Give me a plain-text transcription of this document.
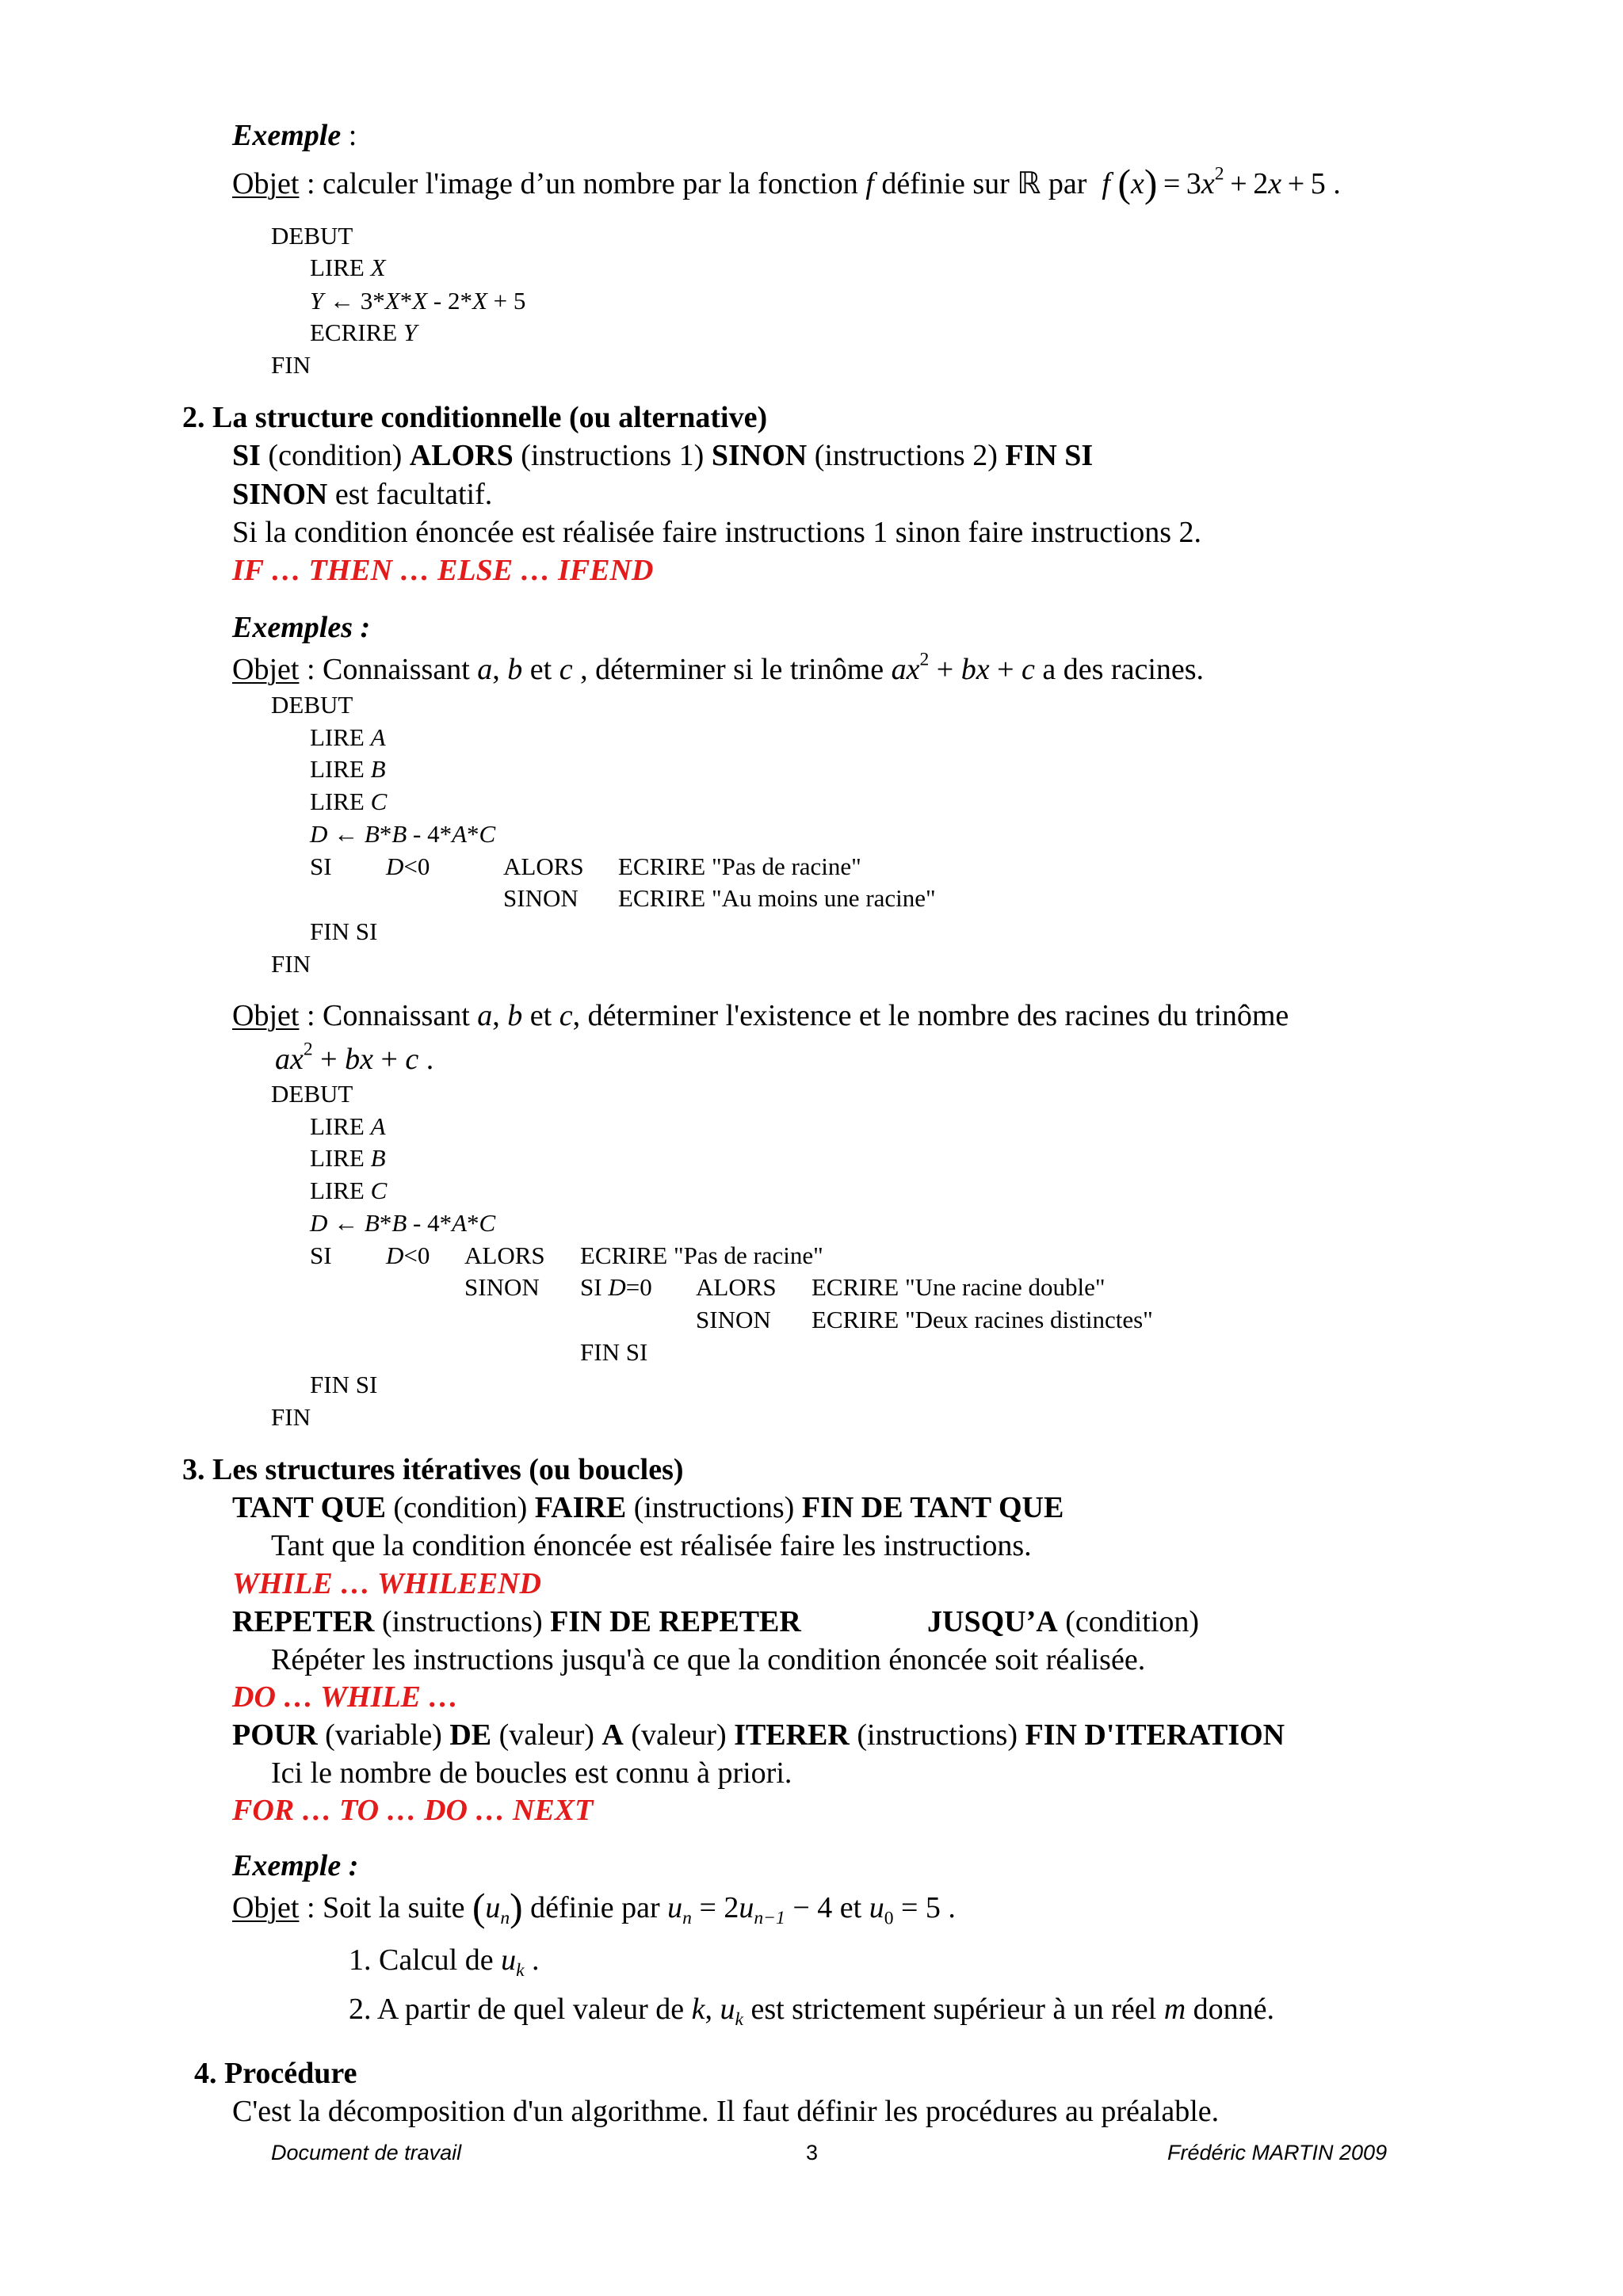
Exemple :
Objet : calculer l'image d’un nombre par la fonction f définie sur ℝ par  f $(x) = 3x^2 + 2x + 5$ .
DEBUT
LIRE X
Y ← 3*X*X - 2*X + 5
ECRIRE Y
FIN
2. La structure conditionnelle (ou alternative)
SI (condition) ALORS (instructions 1) SINON (instructions 2) FIN SI
SINON est facultatif.
Si la condition énoncée est réalisée faire instructions 1 sinon faire instructions 2.
IF … THEN … ELSE … IFEND
Exemples :
Objet : Connaissant a, b et c , déterminer si le trinôme $ax^2$ + bx + c a des racines.
DEBUT
LIRE A
LIRE B
LIRE C
D ← B*B - 4*A*C
SI D<0	ALORS ECRIRE "Pas de racine"
SINON ECRIRE "Au moins une racine"
FIN SI
FIN
Objet : Connaissant a, b et c, déterminer l'existence et le nombre des racines du trinôme
$ax^2$ + bx + c .
DEBUT
LIRE A
LIRE B
LIRE C
D ← B*B - 4*A*C
SI D<0 ALORS ECRIRE "Pas de racine"
SINON SI D=0 ALORS ECRIRE "Une racine double"
SINON ECRIRE "Deux racines distinctes"
FIN SI
FIN SI
FIN
3. Les structures itératives (ou boucles)
TANT QUE (condition) FAIRE (instructions) FIN DE TANT QUE
Tant que la condition énoncée est réalisée faire les instructions.
WHILE … WHILEEND
REPETER (instructions) FIN DE REPETER	JUSQU’A (condition)
Répéter les instructions jusqu'à ce que la condition énoncée soit réalisée.
DO … WHILE …
POUR (variable) DE (valeur) A (valeur) ITERER (instructions) FIN D'ITERATION
Ici le nombre de boucles est connu à priori.
FOR … TO … DO … NEXT
Exemple :
Objet : Soit la suite $(u_n)$ définie par $u_n = 2u_{n-1} - 4$ et $u_0 = 5$ .
1. Calcul de $u_k$ .
2. A partir de quel valeur de k, $u_k$ est strictement supérieur à un réel m donné.
4. Procédure
C'est la décomposition d'un algorithme. Il faut définir les procédures au préalable.
Document de travail	3	Frédéric MARTIN 2009
